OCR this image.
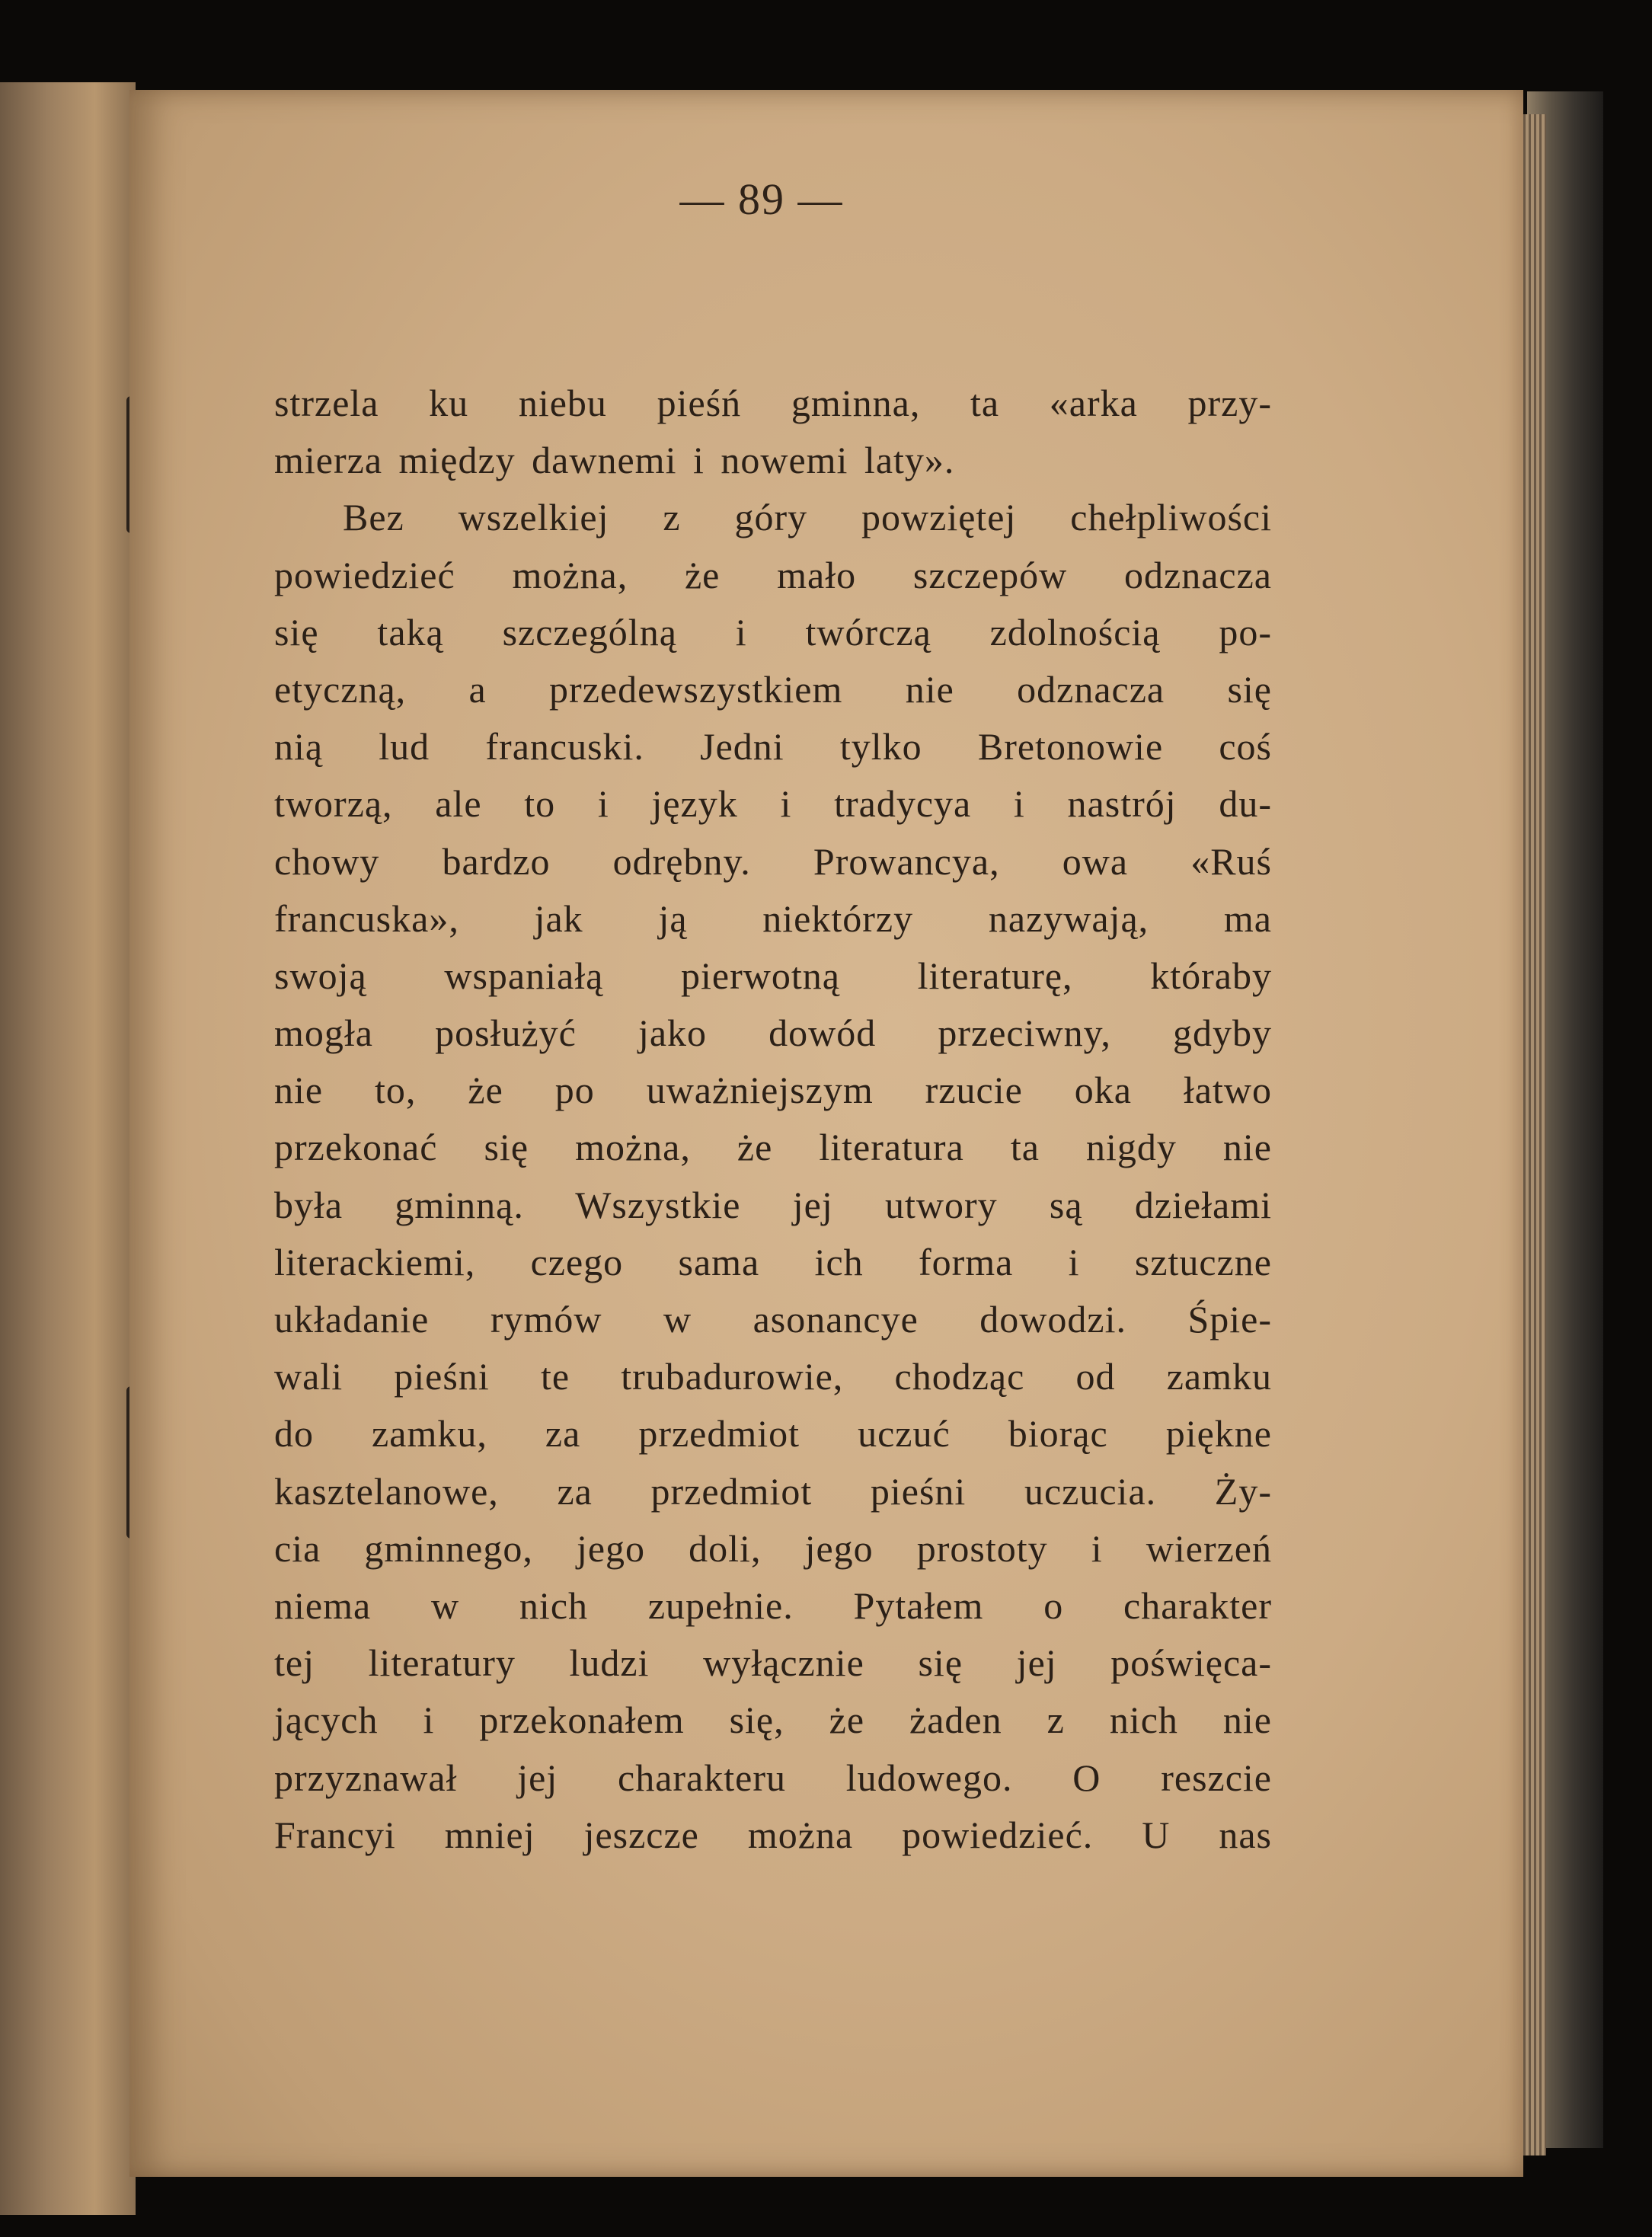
— 89 —
strzela ku niebu pieśń gminna, ta «arka przy-
mierza między dawnemi i nowemi laty».
Bez wszelkiej z góry powziętej chełpliwości
powiedzieć można, że mało szczepów odznacza
się taką szczególną i twórczą zdolnością po-
etyczną, a przedewszystkiem nie odznacza się
nią lud francuski. Jedni tylko Bretonowie coś
tworzą, ale to i język i tradycya i nastrój du-
chowy bardzo odrębny. Prowancya, owa «Ruś
francuska», jak ją niektórzy nazywają, ma
swoją wspaniałą pierwotną literaturę, któraby
mogła posłużyć jako dowód przeciwny, gdyby
nie to, że po uważniejszym rzucie oka łatwo
przekonać się można, że literatura ta nigdy nie
była gminną. Wszystkie jej utwory są dziełami
literackiemi, czego sama ich forma i sztuczne
układanie rymów w asonancye dowodzi. Śpie-
wali pieśni te trubadurowie, chodząc od zamku
do zamku, za przedmiot uczuć biorąc piękne
kasztelanowe, za przedmiot pieśni uczucia. Ży-
cia gminnego, jego doli, jego prostoty i wierzeń
niema w nich zupełnie. Pytałem o charakter
tej literatury ludzi wyłącznie się jej poświęca-
jących i przekonałem się, że żaden z nich nie
przyznawał jej charakteru ludowego. O reszcie
Francyi mniej jeszcze można powiedzieć. U nas
